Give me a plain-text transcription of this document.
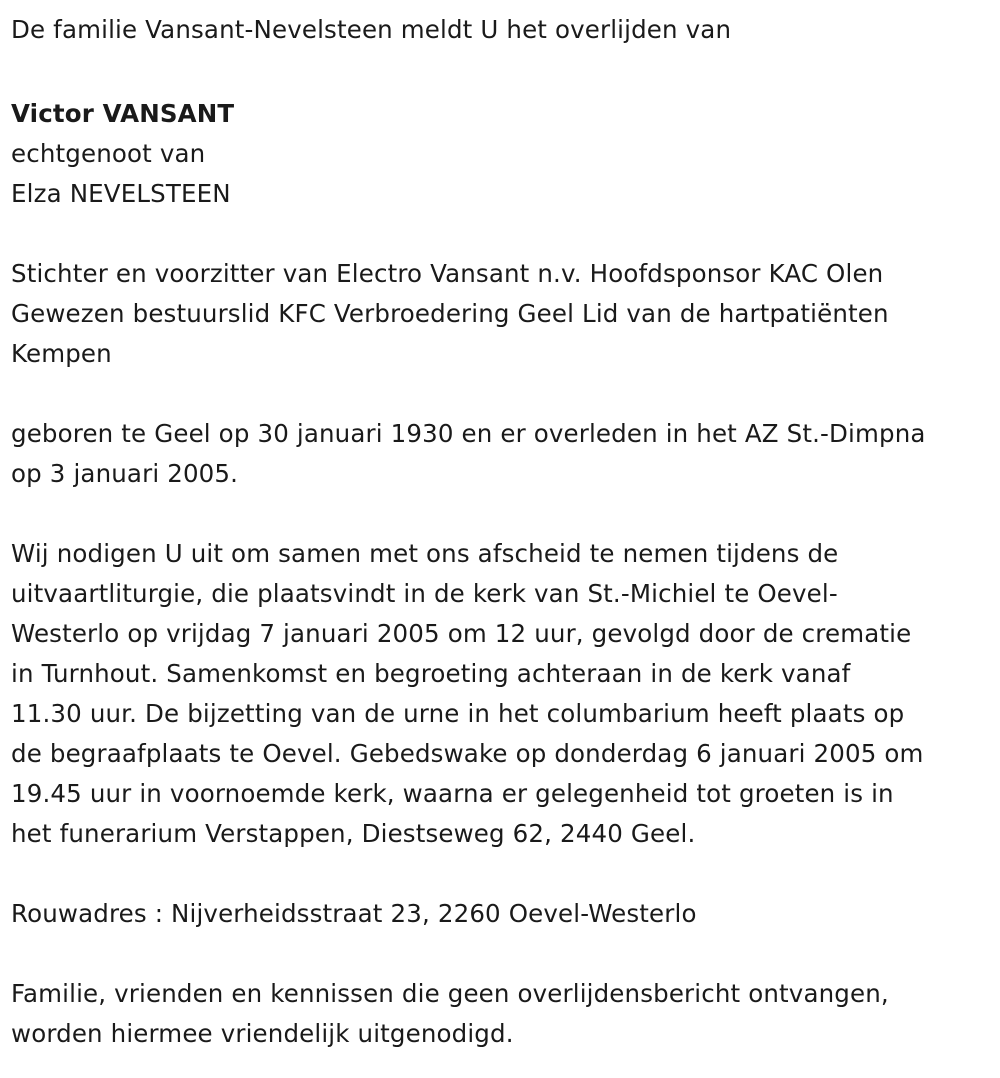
De familie Vansant-Nevelsteen meldt U het overlijden van
Victor VANSANT
echtgenoot van
Elza NEVELSTEEN
Stichter en voorzitter van Electro Vansant n.v. Hoofdsponsor KAC Olen
Gewezen bestuurslid KFC Verbroedering Geel Lid van de hartpatiënten
Kempen
geboren te Geel op 30 januari 1930 en er overleden in het AZ St.-Dimpna
op 3 januari 2005.
Wij nodigen U uit om samen met ons afscheid te nemen tijdens de
uitvaartliturgie, die plaatsvindt in de kerk van St.-Michiel te Oevel-
Westerlo op vrijdag 7 januari 2005 om 12 uur, gevolgd door de crematie
in Turnhout. Samenkomst en begroeting achteraan in de kerk vanaf
11.30 uur. De bijzetting van de urne in het columbarium heeft plaats op
de begraafplaats te Oevel. Gebedswake op donderdag 6 januari 2005 om
19.45 uur in voornoemde kerk, waarna er gelegenheid tot groeten is in
het funerarium Verstappen, Diestseweg 62, 2440 Geel.
Rouwadres : Nijverheidsstraat 23, 2260 Oevel-Westerlo
Familie, vrienden en kennissen die geen overlijdensbericht ontvangen,
worden hiermee vriendelijk uitgenodigd.
